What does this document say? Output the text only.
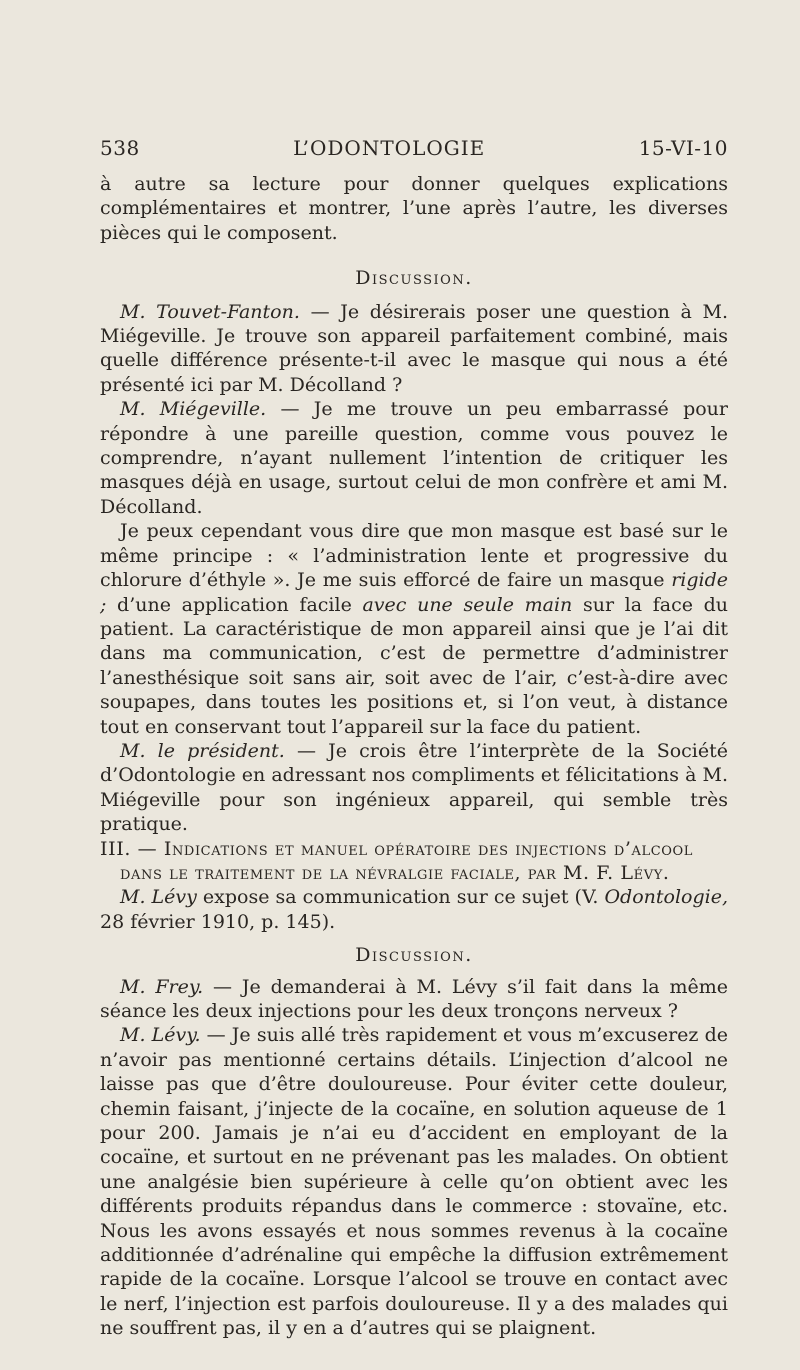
538	L’ODONTOLOGIE	15-VI-10

à autre sa lecture pour donner quelques explications complémentaires et montrer, l’une après l’autre, les diverses pièces qui le composent.

Discussion.

M. Touvet-Fanton. — Je désirerais poser une question à M. Miégeville. Je trouve son appareil parfaitement combiné, mais quelle différence présente-t-il avec le masque qui nous a été présenté ici par M. Décolland ?

M. Miégeville. — Je me trouve un peu embarrassé pour répondre à une pareille question, comme vous pouvez le comprendre, n’ayant nullement l’intention de critiquer les masques déjà en usage, surtout celui de mon confrère et ami M. Décolland.

Je peux cependant vous dire que mon masque est basé sur le même principe : « l’administration lente et progressive du chlorure d’éthyle ». Je me suis efforcé de faire un masque rigide ; d’une application facile avec une seule main sur la face du patient. La caractéristique de mon appareil ainsi que je l’ai dit dans ma communication, c’est de permettre d’administrer l’anesthésique soit sans air, soit avec de l’air, c’est-à-dire avec soupapes, dans toutes les positions et, si l’on veut, à distance tout en conservant tout l’appareil sur la face du patient.

M. le président. — Je crois être l’interprète de la Société d’Odontologie en adressant nos compliments et félicitations à M. Miégeville pour son ingénieux appareil, qui semble très pratique.

III. — Indications et manuel opératoire des injections d’alcool
dans le traitement de la névralgie faciale, par M. F. Lévy.

M. Lévy expose sa communication sur ce sujet (V. Odontologie, 28 février 1910, p. 145).

Discussion.

M. Frey. — Je demanderai à M. Lévy s’il fait dans la même séance les deux injections pour les deux tronçons nerveux ?

M. Lévy. — Je suis allé très rapidement et vous m’excuserez de n’avoir pas mentionné certains détails. L’injection d’alcool ne laisse pas que d’être douloureuse. Pour éviter cette douleur, chemin faisant, j’injecte de la cocaïne, en solution aqueuse de 1 pour 200. Jamais je n’ai eu d’accident en employant de la cocaïne, et surtout en ne prévenant pas les malades. On obtient une analgésie bien supérieure à celle qu’on obtient avec les différents produits répandus dans le commerce : stovaïne, etc. Nous les avons essayés et nous sommes revenus à la cocaïne additionnée d’adrénaline qui empêche la diffusion extrêmement rapide de la cocaïne. Lorsque l’alcool se trouve en contact avec le nerf, l’injection est parfois douloureuse. Il y a des malades qui ne souffrent pas, il y en a d’autres qui se plaignent.
